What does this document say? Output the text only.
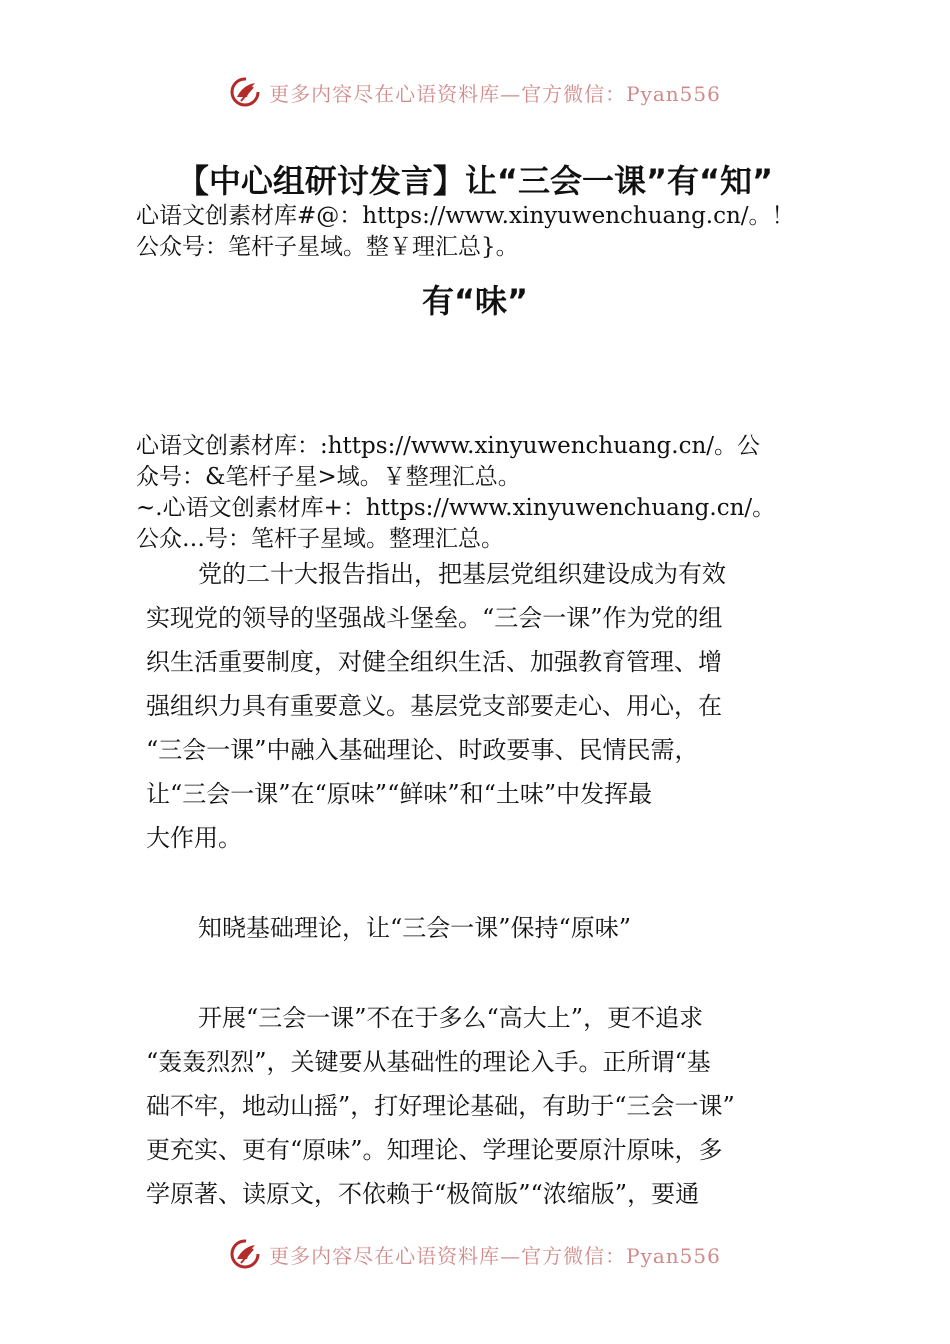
更多内容尽在心语资料库—官方微信：Pyan556
【中心组研讨发言】让“三会一课”有“知”
心语文创素材库#@：https://www.xinyuwenchuang.cn/。！
公众号：笔杆子星域。整￥理汇总}。
有“味”
心语文创素材库：:https://www.xinyuwenchuang.cn/。公
众号：&笔杆子星>域。￥整理汇总。
~.心语文创素材库+：https://www.xinyuwenchuang.cn/。
公众…号：笔杆子星域。整理汇总。
党的二十大报告指出，把基层党组织建设成为有效
实现党的领导的坚强战斗堡垒。“三会一课”作为党的组
织生活重要制度，对健全组织生活、加强教育管理、增
强组织力具有重要意义。基层党支部要走心、用心，在
“三会一课”中融入基础理论、时政要事、民情民需，
让“三会一课”在“原味”“鲜味”和“土味”中发挥最
大作用。
知晓基础理论，让“三会一课”保持“原味”
开展“三会一课”不在于多么“高大上”，更不追求
“轰轰烈烈”，关键要从基础性的理论入手。正所谓“基
础不牢，地动山摇”，打好理论基础，有助于“三会一课”
更充实、更有“原味”。知理论、学理论要原汁原味，多
学原著、读原文，不依赖于“极简版”“浓缩版”，要通
更多内容尽在心语资料库—官方微信：Pyan556
